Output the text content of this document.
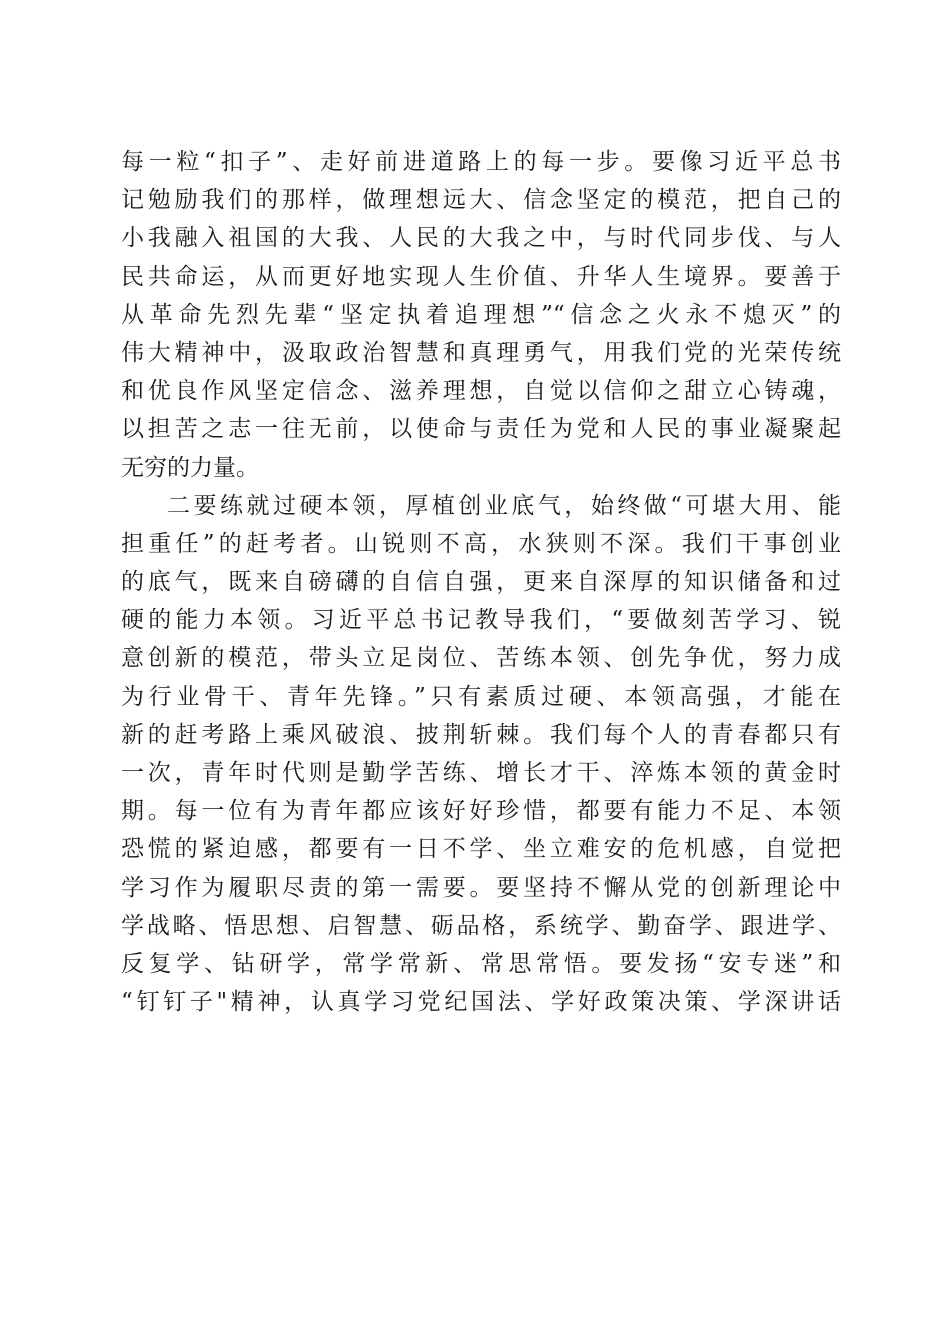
每一粒“扣子”、走好前进道路上的每一步。要像习近平总书
记勉励我们的那样，做理想远大、信念坚定的模范，把自己的
小我融入祖国的大我、人民的大我之中，与时代同步伐、与人
民共命运，从而更好地实现人生价值、升华人生境界。要善于
从革命先烈先辈“坚定执着追理想”“信念之火永不熄灭”的
伟大精神中，汲取政治智慧和真理勇气，用我们党的光荣传统
和优良作风坚定信念、滋养理想，自觉以信仰之甜立心铸魂，
以担苦之志一往无前，以使命与责任为党和人民的事业凝聚起
无穷的力量。
二要练就过硬本领，厚植创业底气，始终做“可堪大用、能
担重任”的赶考者。山锐则不高，水狭则不深。我们干事创业
的底气，既来自磅礴的自信自强，更来自深厚的知识储备和过
硬的能力本领。习近平总书记教导我们，“要做刻苦学习、锐
意创新的模范，带头立足岗位、苦练本领、创先争优，努力成
为行业骨干、青年先锋。”只有素质过硬、本领高强，才能在
新的赶考路上乘风破浪、披荆斩棘。我们每个人的青春都只有
一次，青年时代则是勤学苦练、增长才干、淬炼本领的黄金时
期。每一位有为青年都应该好好珍惜，都要有能力不足、本领
恐慌的紧迫感，都要有一日不学、坐立难安的危机感，自觉把
学习作为履职尽责的第一需要。要坚持不懈从党的创新理论中
学战略、悟思想、启智慧、砺品格，系统学、勤奋学、跟进学、
反复学、钻研学，常学常新、常思常悟。要发扬“安专迷”和
“钉钉子"精神，认真学习党纪国法、学好政策决策、学深讲话
